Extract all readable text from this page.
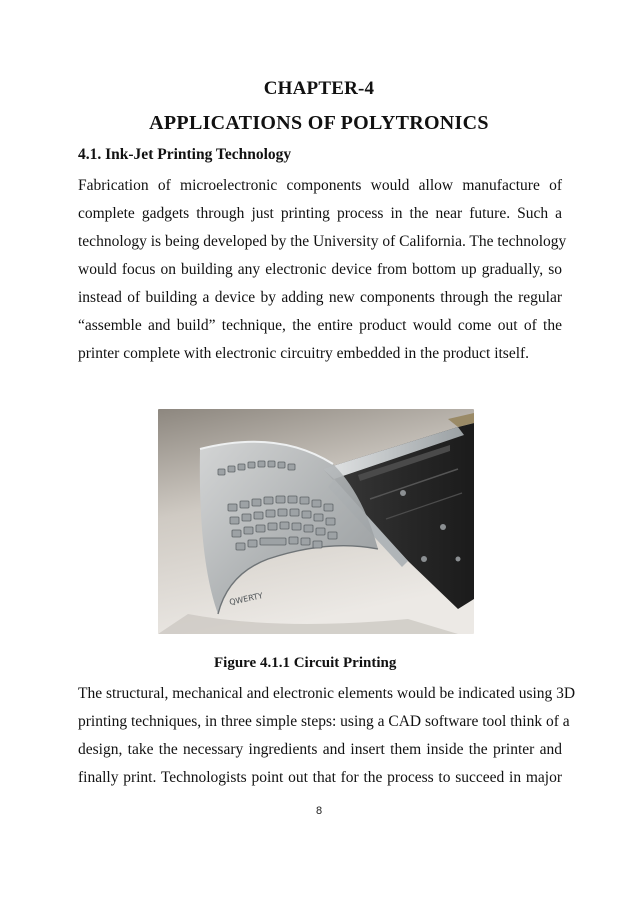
CHAPTER-4
APPLICATIONS OF POLYTRONICS
4.1. Ink-Jet Printing Technology

Fabrication of microelectronic components would allow manufacture of
complete gadgets through just printing process in the near future. Such a
technology is being developed by the University of California. The technology
would focus on building any electronic device from bottom up gradually, so
instead of building a device by adding new components through the regular
“assemble and build” technique, the entire product would come out of the
printer complete with electronic circuitry embedded in the product itself.

QWERTY
Figure 4.1.1 Circuit Printing

The structural, mechanical and electronic elements would be indicated using 3D
printing techniques, in three simple steps: using a CAD software tool think of a
design, take the necessary ingredients and insert them inside the printer and
finally print. Technologists point out that for the process to succeed in major

8
